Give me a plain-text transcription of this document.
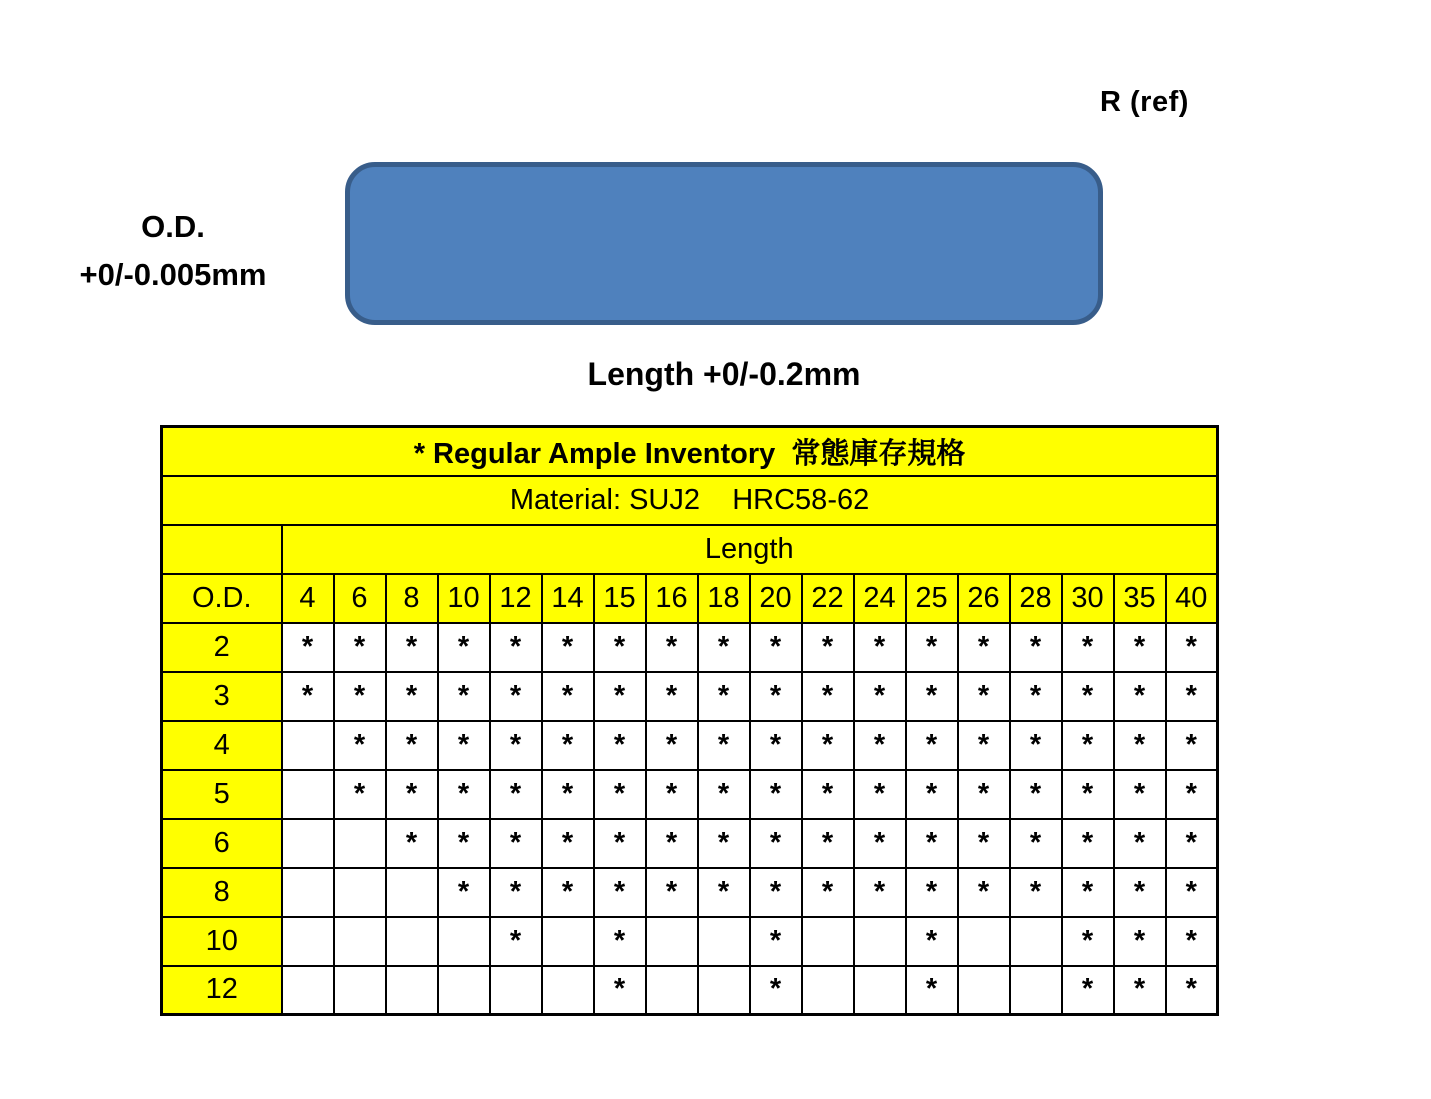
R (ref)
O.D.
+0/-0.005mm
Length +0/-0.2mm
* Regular Ample Inventory  常態庫存規格																		
Material: SUJ2    HRC58-62																		
	Length																	
O.D.	4	6	8	10	12	14	15	16	18	20	22	24	25	26	28	30	35	40
2	*	*	*	*	*	*	*	*	*	*	*	*	*	*	*	*	*	*
3	*	*	*	*	*	*	*	*	*	*	*	*	*	*	*	*	*	*
4		*	*	*	*	*	*	*	*	*	*	*	*	*	*	*	*	*
5		*	*	*	*	*	*	*	*	*	*	*	*	*	*	*	*	*
6			*	*	*	*	*	*	*	*	*	*	*	*	*	*	*	*
8				*	*	*	*	*	*	*	*	*	*	*	*	*	*	*
10					*		*			*			*			*	*	*
12							*			*			*			*	*	*
